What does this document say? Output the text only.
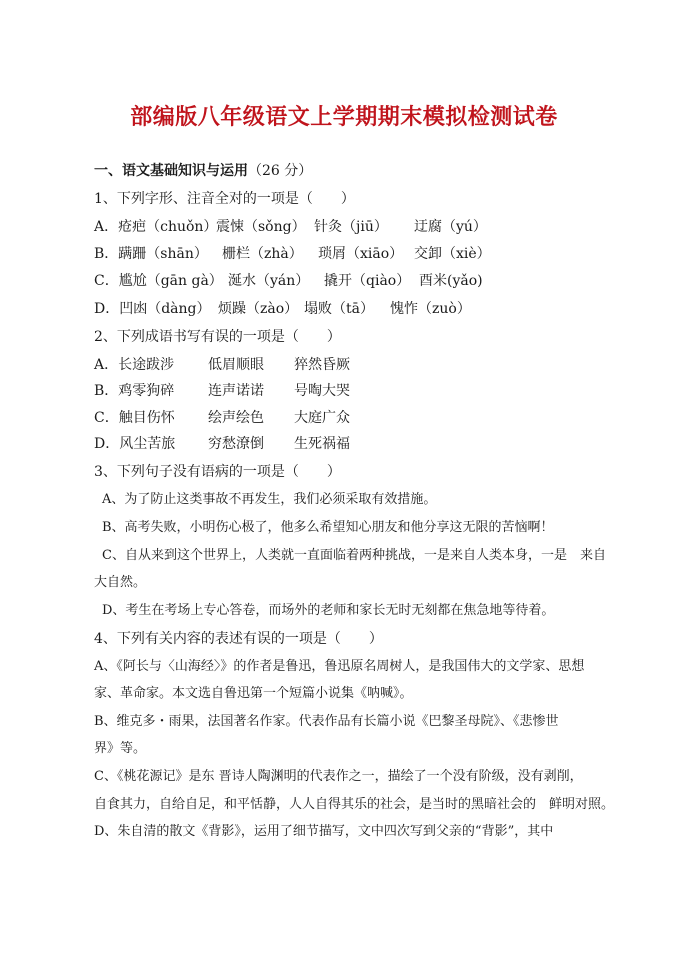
部编版八年级语文上学期期末模拟检测试卷
一、语文基础知识与运用（26 分）
1、下列字形、注音全对的一项是（　　）
A．疮疤（chuǒn）
震悚（sǒng） 针灸（jiū） 迂腐（yú）
B．蹒跚（shān） 栅栏（zhà） 琐屑（xiāo） 交卸（xiè）
C．尴尬（gān gà） 涎水（yán） 撬开（qiào） 酉米(yǎo)
D．凹凼（dàng） 烦躁（zào） 塌败（tā） 愧怍（zuò）
2、下列成语书写有误的一项是（　　）
A．长途跋涉 低眉顺眼 猝然昏厥
B．鸡零狗碎 连声诺诺 号啕大哭
C．触目伤怀 绘声绘色 大庭广众
D．风尘苦旅 穷愁潦倒 生死祸福
3、下列句子没有语病的一项是（　　）
A、为了防止这类事故不再发生，我们必须采取有效措施。
B、高考失败，小明伤心极了，他多么希望知心朋友和他分享这无限的苦恼啊！
C、自从来到这个世界上，人类就一直面临着两种挑战，一是来自人类本身，一是　来自
大自然。
D、考生在考场上专心答卷，而场外的老师和家长无时无刻都在焦急地等待着。
4、下列有关内容的表述有误的一项是（　　）
A、《阿长与〈山海经〉》的作者是鲁迅，鲁迅原名周树人，是我国伟大的文学家、思想
家、革命家。本文选自鲁迅第一个短篇小说集《呐喊》。
B、维克多・雨果，法国著名作家。代表作品有长篇小说《巴黎圣母院》、《悲惨世
界》等。
C、《桃花源记》是东 晋诗人陶渊明的代表作之一，描绘了一个没有阶级，没有剥削，
自食其力，自给自足，和平恬静，人人自得其乐的社会，是当时的黑暗社会的　鲜明对照。
D、朱自清的散文《背影》，运用了细节描写，文中四次写到父亲的“背影”，其中
